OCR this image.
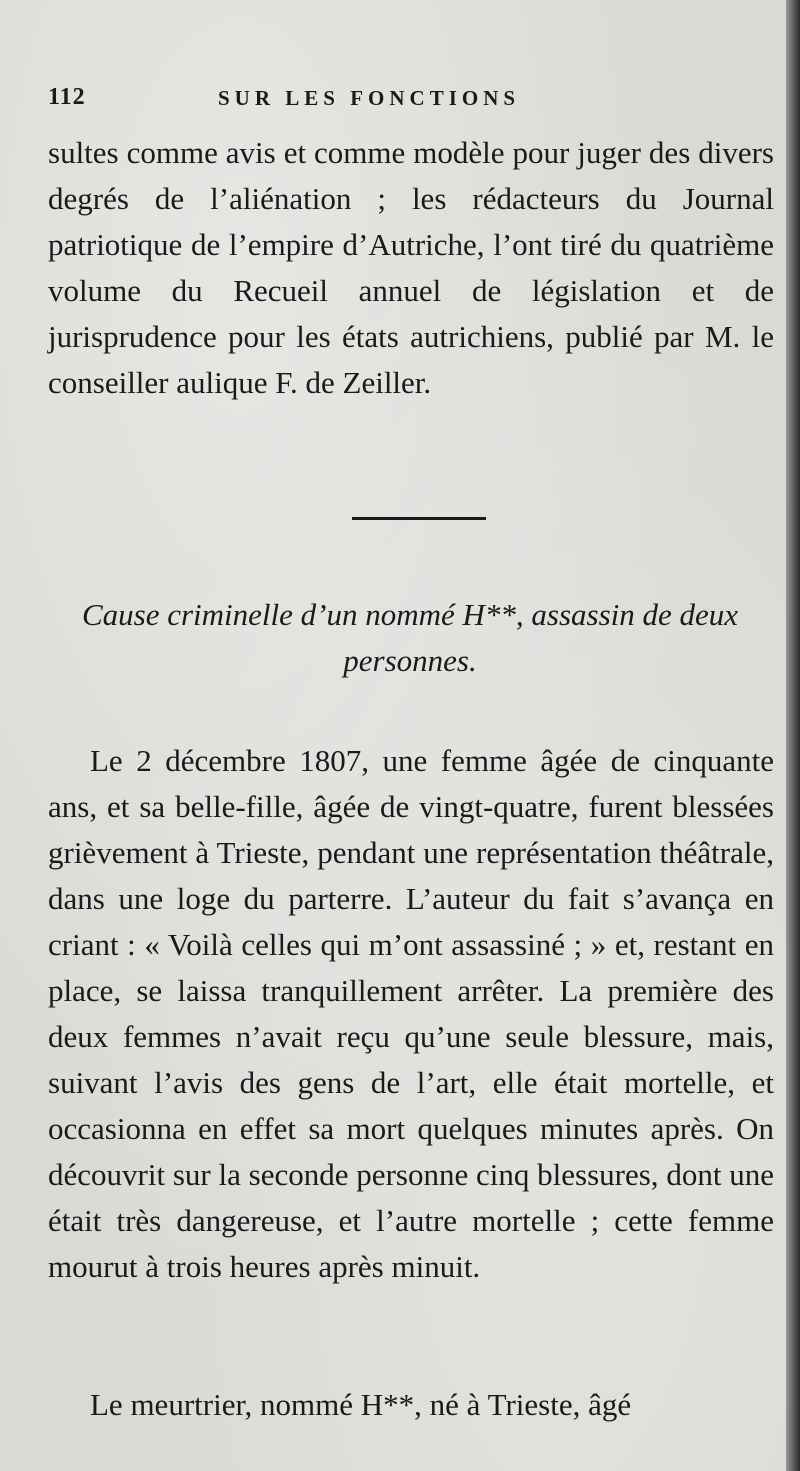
112	SUR LES FONCTIONS

sultes comme avis et comme modèle pour juger des divers degrés de l’aliénation ; les rédacteurs du Journal patriotique de l’empire d’Autriche, l’ont tiré du quatrième volume du Recueil annuel de législation et de jurisprudence pour les états autrichiens, publié par M. le conseiller aulique F. de Zeiller.

Cause criminelle d’un nommé H**, assassin de deux personnes.

Le 2 décembre 1807, une femme âgée de cinquante ans, et sa belle-fille, âgée de vingt-quatre, furent blessées grièvement à Trieste, pendant une représentation théâtrale, dans une loge du parterre. L’auteur du fait s’avança en criant : « Voilà celles qui m’ont assassiné ; » et, restant en place, se laissa tranquillement arrêter. La première des deux femmes n’avait reçu qu’une seule blessure, mais, suivant l’avis des gens de l’art, elle était mortelle, et occasionna en effet sa mort quelques minutes après. On découvrit sur la seconde personne cinq blessures, dont une était très dangereuse, et l’autre mortelle ; cette femme mourut à trois heures après minuit.

Le meurtrier, nommé H**, né à Trieste, âgé
